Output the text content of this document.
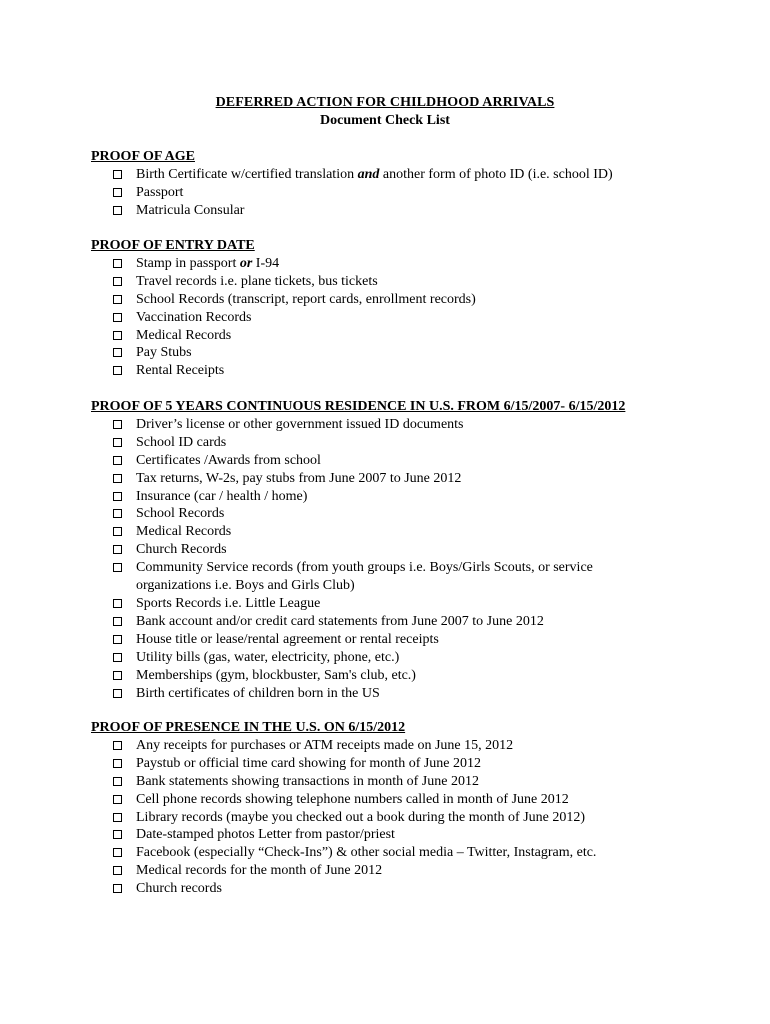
DEFERRED ACTION FOR CHILDHOOD ARRIVALS
Document Check List
PROOF OF AGE
Birth Certificate w/certified translation and another form of photo ID (i.e. school ID)
Passport
Matricula Consular
PROOF OF ENTRY DATE
Stamp in passport or I-94
Travel records i.e. plane tickets, bus tickets
School Records (transcript, report cards, enrollment records)
Vaccination Records
Medical Records
Pay Stubs
Rental Receipts
PROOF OF 5 YEARS CONTINUOUS RESIDENCE IN U.S. FROM 6/15/2007- 6/15/2012
Driver’s license or other government issued ID documents
School ID cards
Certificates /Awards from school
Tax returns, W-2s, pay stubs from June 2007 to June 2012
Insurance (car / health / home)
School Records
Medical Records
Church Records
Community Service records (from youth groups i.e. Boys/Girls Scouts, or service
organizations i.e. Boys and Girls Club)
Sports Records i.e. Little League
Bank account and/or credit card statements from June 2007 to June 2012
House title or lease/rental agreement or rental receipts
Utility bills (gas, water, electricity, phone, etc.)
Memberships (gym, blockbuster, Sam's club, etc.)
Birth certificates of children born in the US
PROOF OF PRESENCE IN THE U.S. ON 6/15/2012
Any receipts for purchases or ATM receipts made on June 15, 2012
Paystub or official time card showing for month of June 2012
Bank statements showing transactions in month of June 2012
Cell phone records showing telephone numbers called in month of June 2012
Library records (maybe you checked out a book during the month of June 2012)
Date-stamped photos Letter from pastor/priest
Facebook (especially “Check-Ins”) & other social media – Twitter, Instagram, etc.
Medical records for the month of June 2012
Church records
